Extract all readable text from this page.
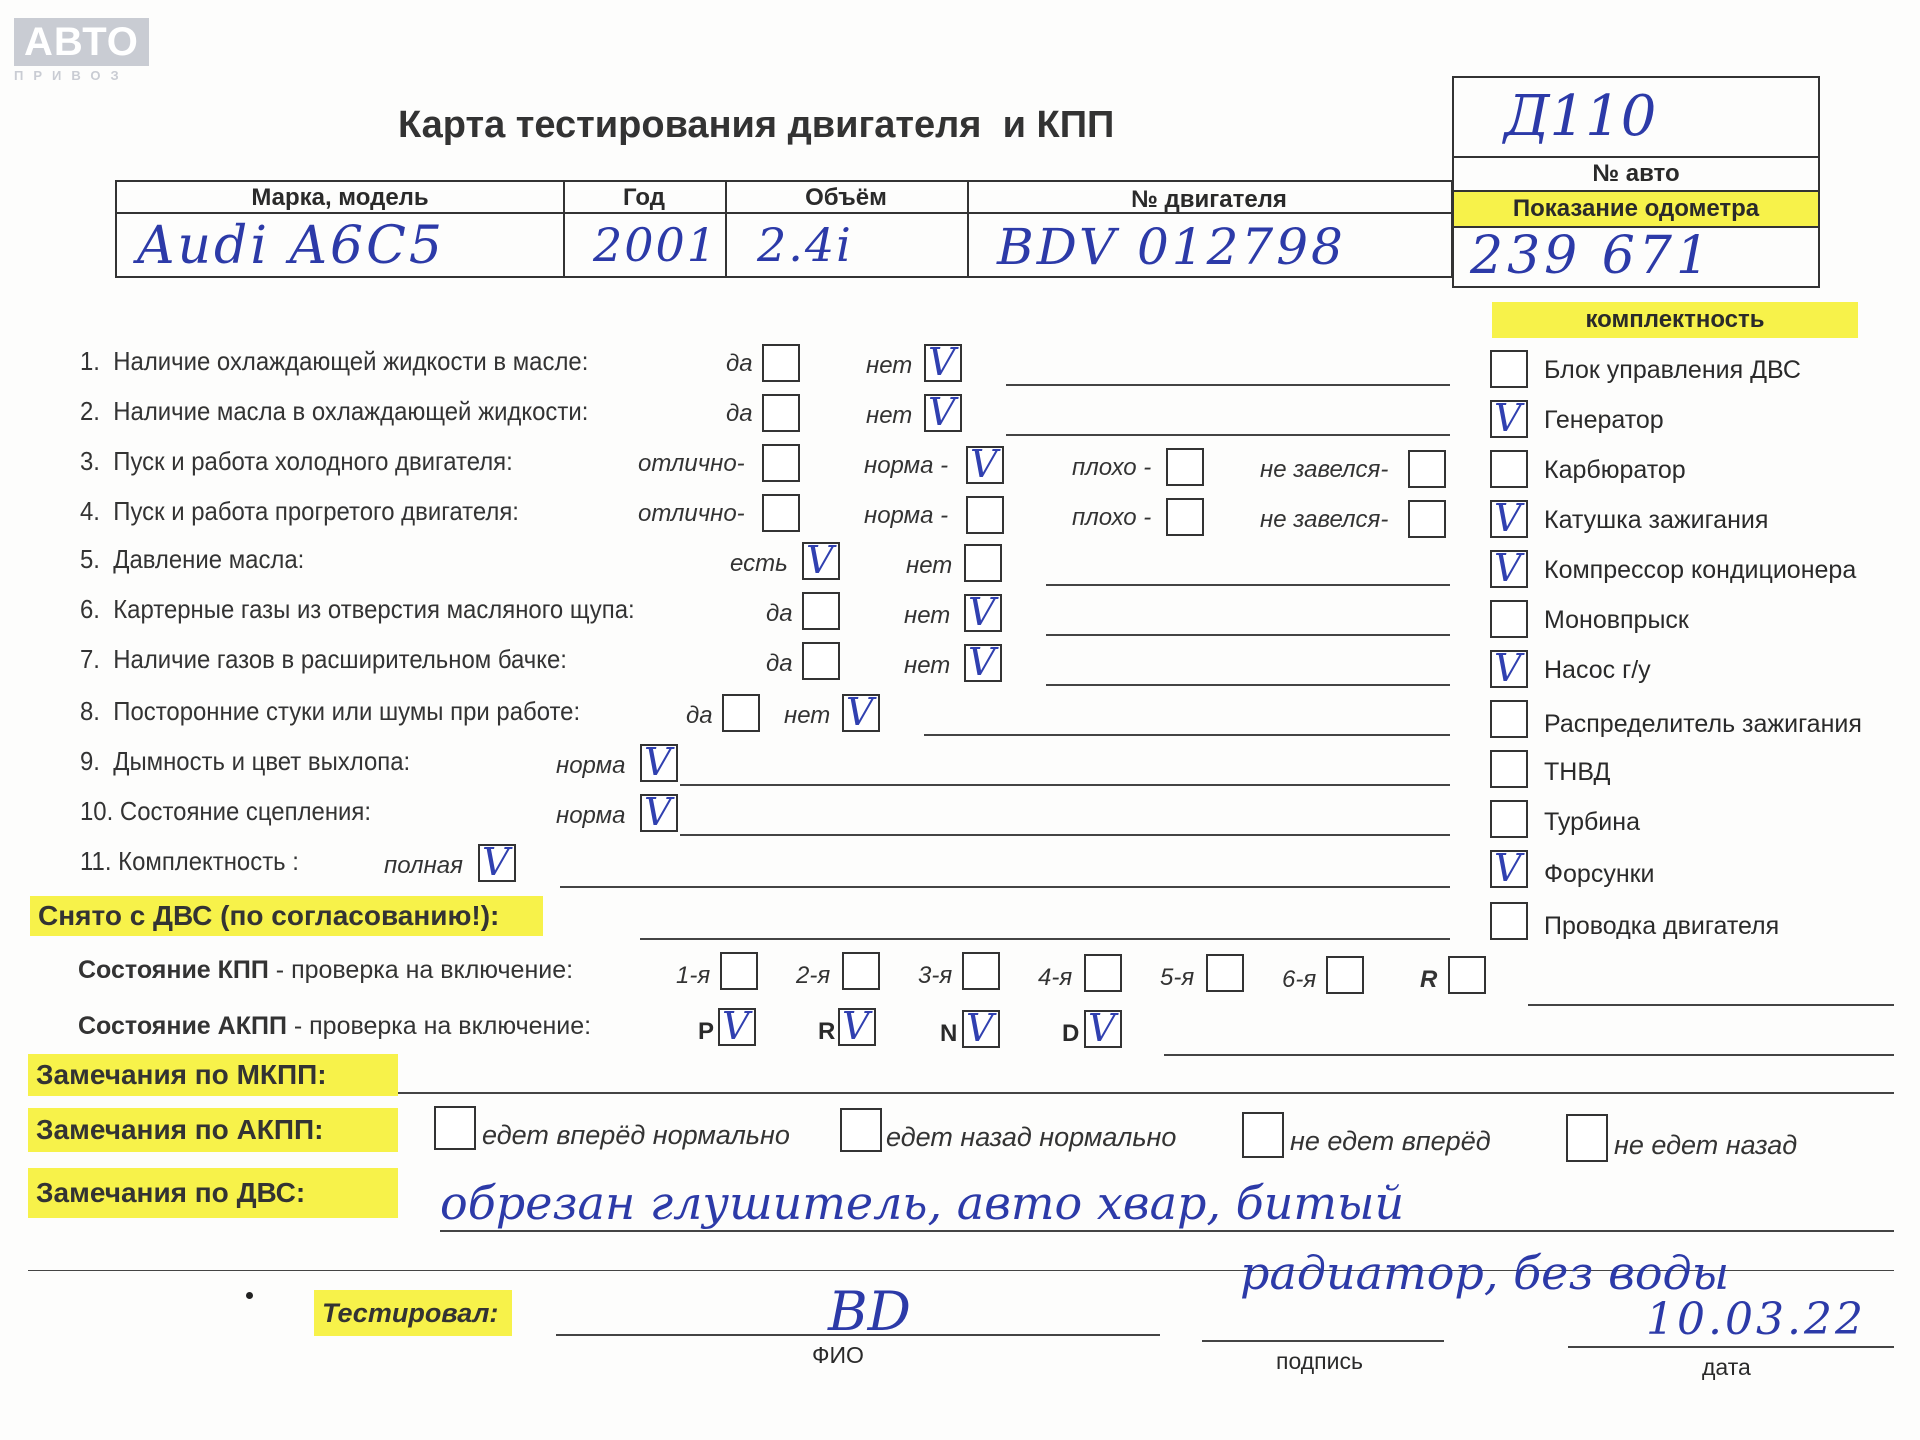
АВТО
ПРИВОЗ
Карта тестирования двигателя  и КПП	Д110
№ авто
Показание одометра
239 671
Марка, модель	Год	Объём	№ двигателя
Audi A6C5	2001 2.4i	BDV 012798
комплектность
1. Наличие охлаждающей жидкости в масле:	да	нет V
2. Наличие масла в охлаждающей жидкости:	да	нет V
3. Пуск и работа холодного двигателя:	отлично-	норма - V	плохо -	не завелся-
4. Пуск и работа прогретого двигателя:	отлично-	норма -	плохо -	не завелся-
5. Давление масла:	есть V	нет
6. Картерные газы из отверстия масляного щупа:	да	нет V
7. Наличие газов в расширительном бачке:	да	нет V
8. Посторонние стуки или шумы при работе:	да	нет V
9. Дымность и цвет выхлопа:	норма V
10. Состояние сцепления:	норма V
11. Комплектность :	полная V
Снято с ДВС (по согласованию!):
Блок управления ДВС
V Генератор
Карбюратор
V Катушка зажигания
V Компрессор кондиционера
Моновпрыск
V Насос г/у
Распределитель зажигания
ТНВД
Турбина
V Форсунки
Проводка двигателя
Состояние КПП - проверка на включение:	1-я	2-я	3-я	4-я	5-я	6-я	R
Состояние АКПП - проверка на включение:	P V	R V	N V	D V
Замечания по МКПП:
Замечания по АКПП:	едет вперёд нормально	едет назад нормально	не едет вперёд	не едет назад
Замечания по ДВС:	обрезан глушитель, авто хвар, битый
радиатор, без воды
Тестировал:	BD
ФИО	подпись
10.03.22
дата
